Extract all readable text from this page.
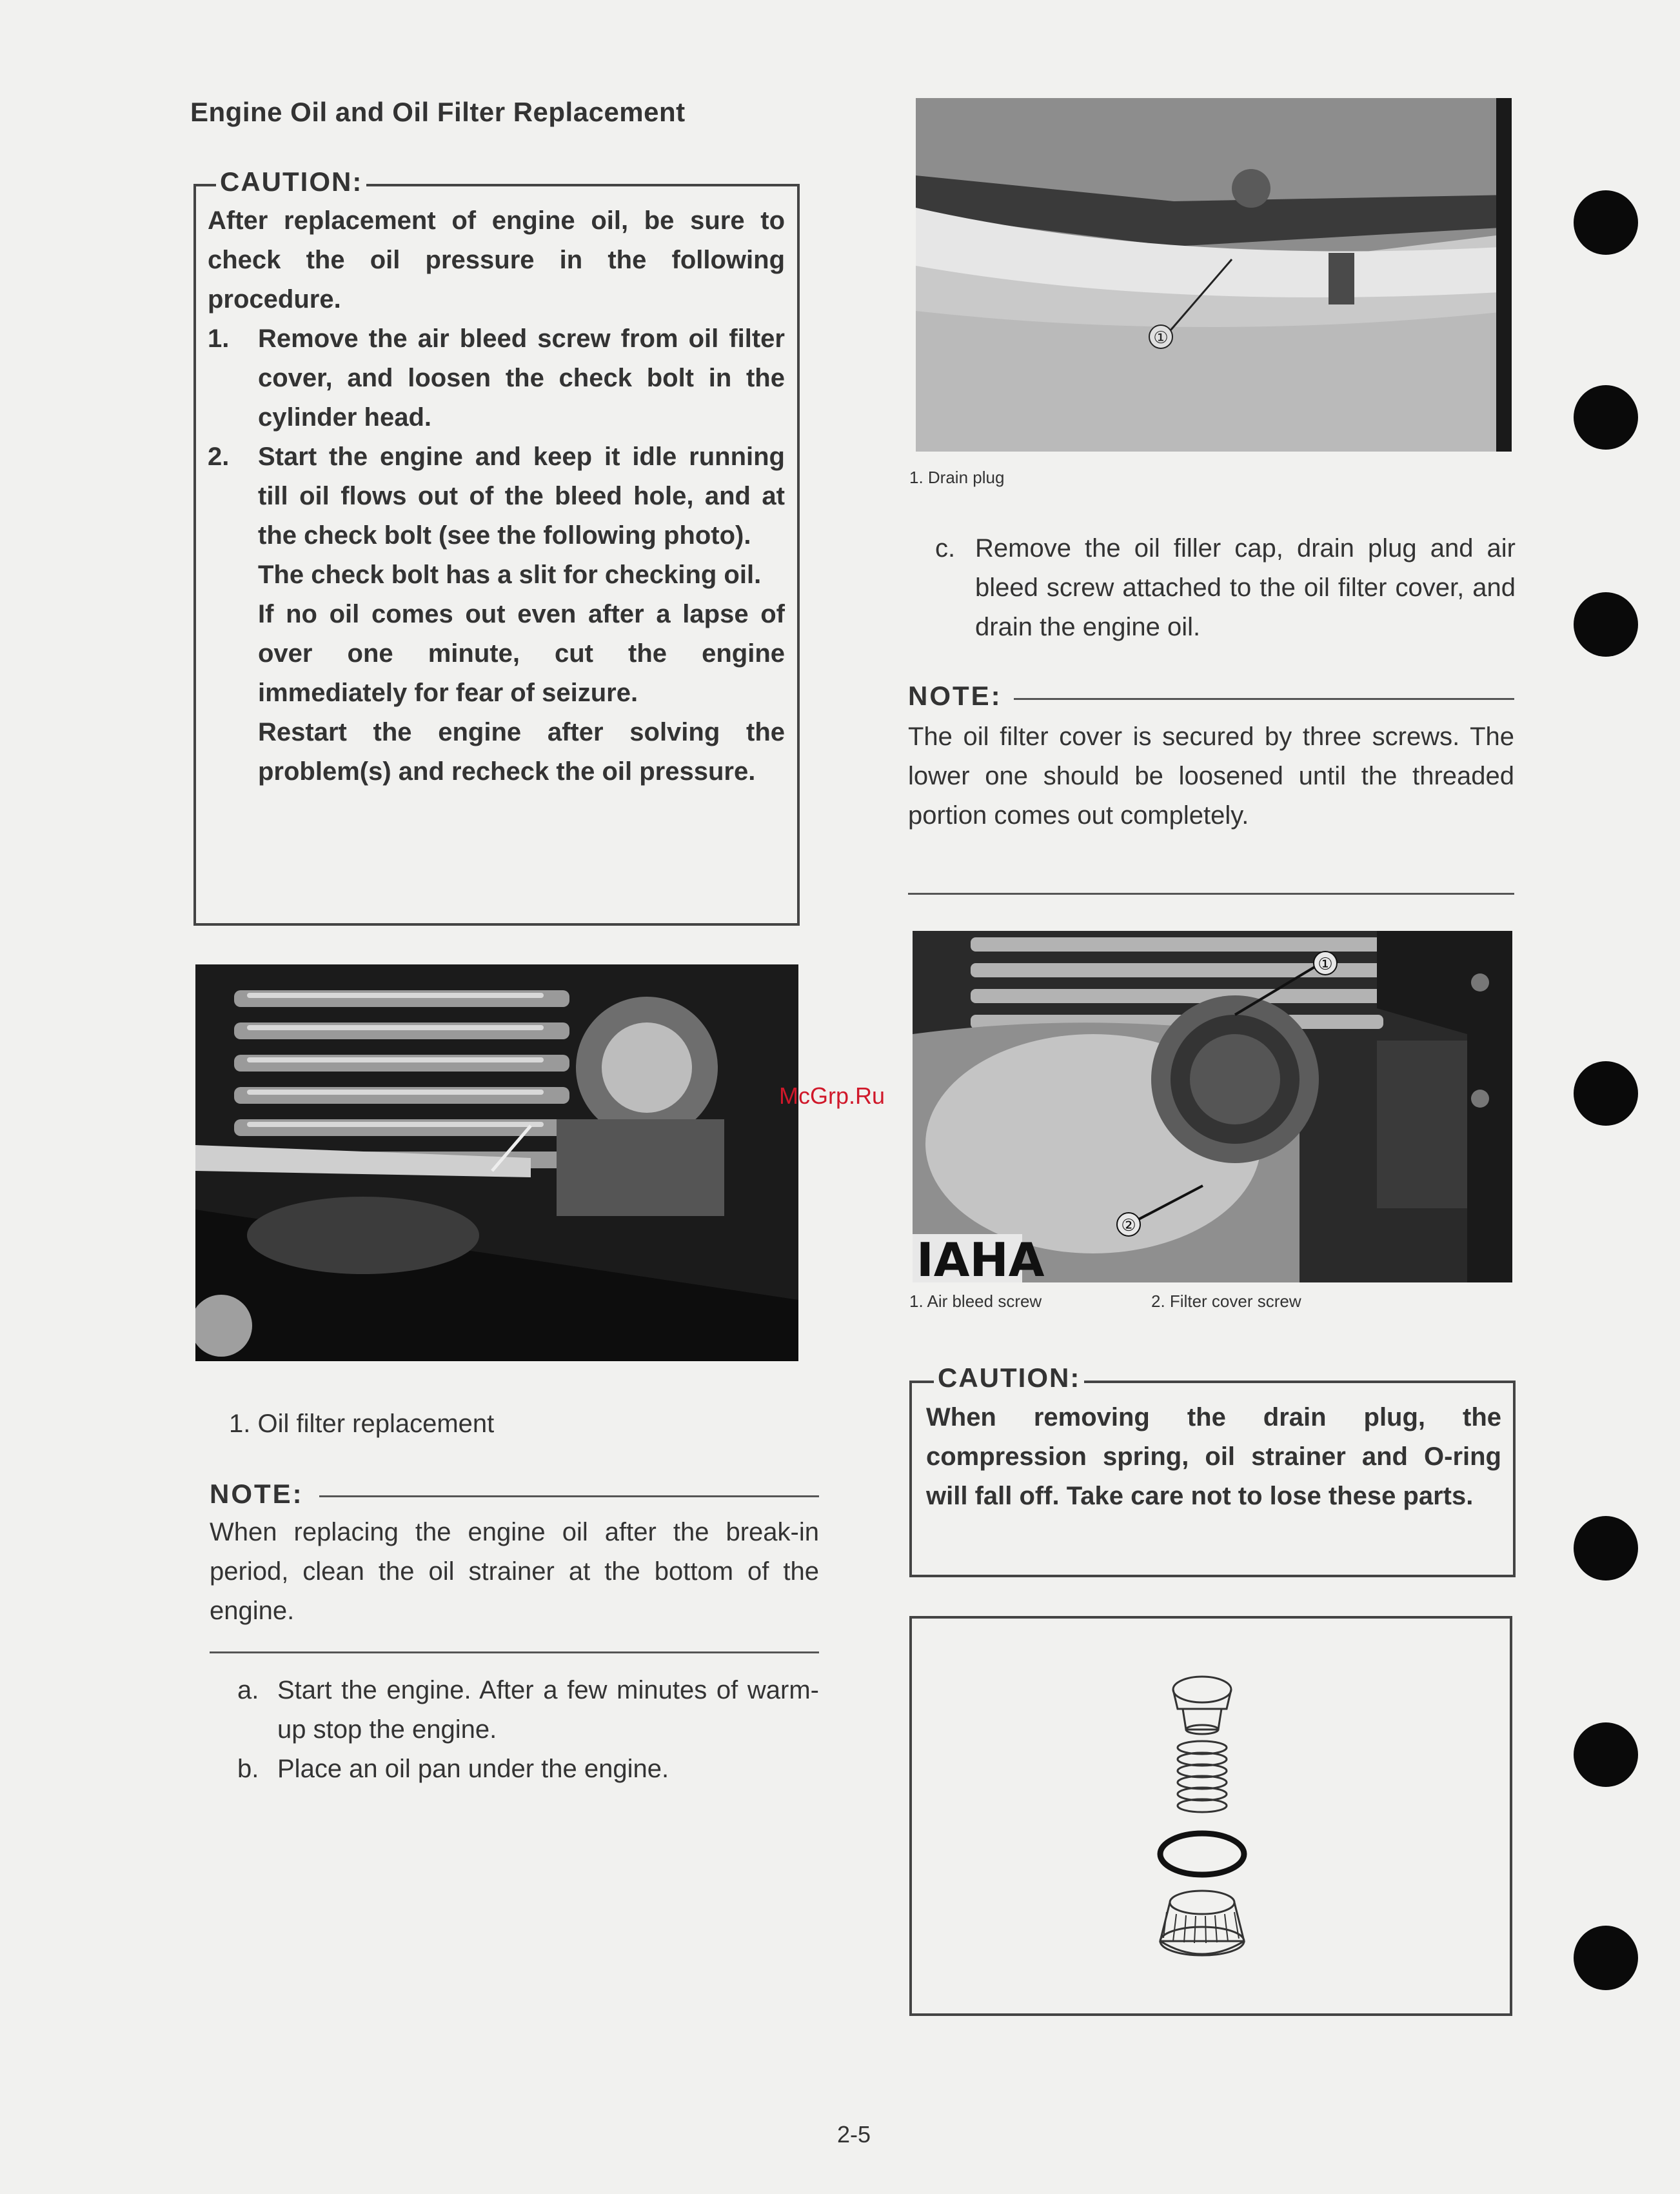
Engine Oil and Oil Filter Replacement
CAUTION:

After replacement of engine oil, be sure to check the oil pressure in the following procedure.

1.	Remove the air bleed screw from oil filter cover, and loosen the check bolt in the cylinder head.
2.	Start the engine and keep it idle running till oil flows out of the bleed hole, and at the check bolt (see the following photo).

The check bolt has a slit for checking oil.

If no oil comes out even after a lapse of over one minute, cut the engine immediately for fear of seizure.

Restart the engine after solving the problem(s) and recheck the oil pressure.

1. Oil filter replacement
NOTE:
When replacing the engine oil after the break-in period, clean the oil strainer at the bottom of the engine.
a. Start the engine. After a few minutes of warm-up stop the engine.
b. Place an oil pan under the engine.
①
1. Drain plug
c. Remove the oil filler cap, drain plug and air bleed screw attached to the oil filter cover, and drain the engine oil.
NOTE:
The oil filter cover is secured by three screws. The lower one should be loosened until the threaded portion comes out completely.
①
②
IAHA
1. Air bleed screw	2. Filter cover screw
CAUTION:
When removing the drain plug, the compression spring, oil strainer and O-ring will fall off. Take care not to lose these parts.
McGrp.Ru
2-5
